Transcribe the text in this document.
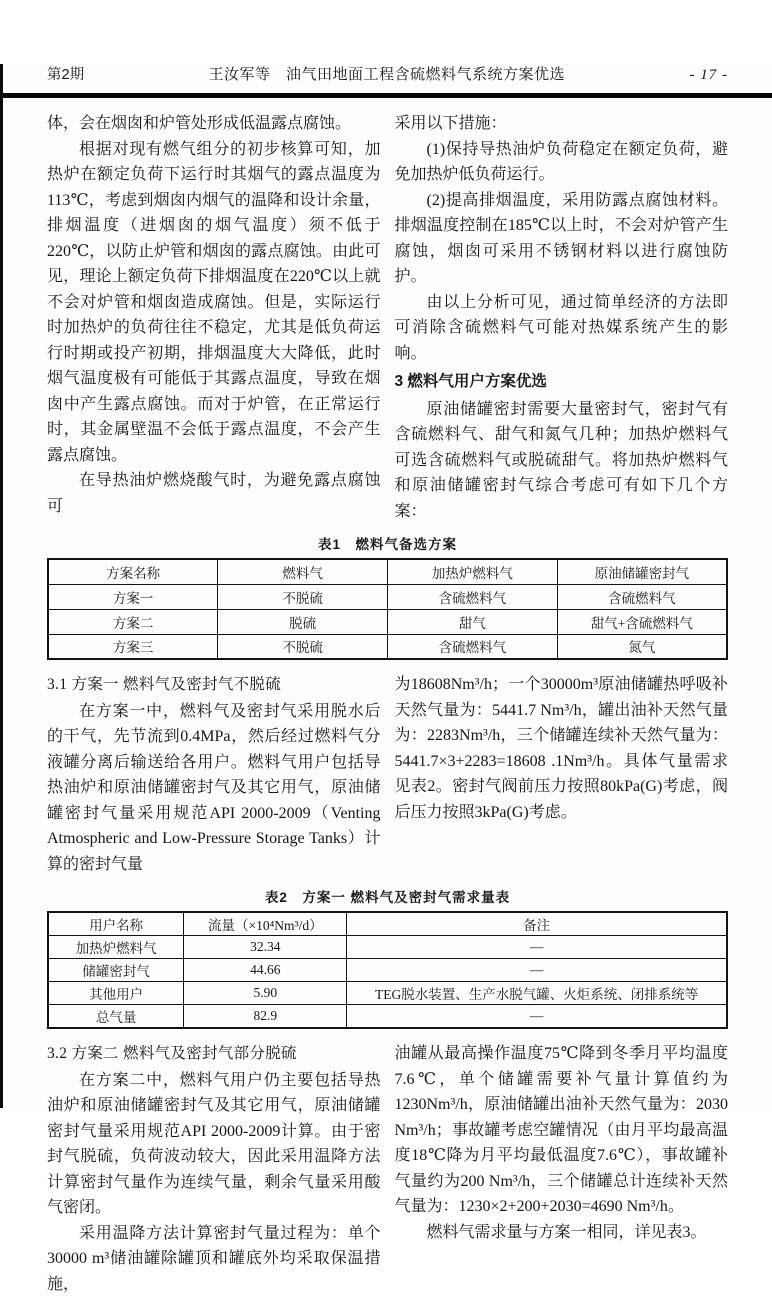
第2期	王汝军等　油气田地面工程含硫燃料气系统方案优选	- 17 -

体，会在烟囱和炉管处形成低温露点腐蚀。

根据对现有燃气组分的初步核算可知，加热炉在额定负荷下运行时其烟气的露点温度为113℃，考虑到烟囱内烟气的温降和设计余量，排烟温度（进烟囱的烟气温度）须不低于220℃，以防止炉管和烟囱的露点腐蚀。由此可见，理论上额定负荷下排烟温度在220℃以上就不会对炉管和烟囱造成腐蚀。但是，实际运行时加热炉的负荷往往不稳定，尤其是低负荷运行时期或投产初期，排烟温度大大降低，此时烟气温度极有可能低于其露点温度，导致在烟囱中产生露点腐蚀。而对于炉管，在正常运行时，其金属壁温不会低于露点温度，不会产生露点腐蚀。

在导热油炉燃烧酸气时，为避免露点腐蚀可

采用以下措施：

(1)保持导热油炉负荷稳定在额定负荷，避免加热炉低负荷运行。

(2)提高排烟温度，采用防露点腐蚀材料。排烟温度控制在185℃以上时，不会对炉管产生腐蚀，烟囱可采用不锈钢材料以进行腐蚀防护。

由以上分析可见，通过简单经济的方法即可消除含硫燃料气可能对热媒系统产生的影响。

3 燃料气用户方案优选

原油储罐密封需要大量密封气，密封气有含硫燃料气、甜气和氮气几种；加热炉燃料气可选含硫燃料气或脱硫甜气。将加热炉燃料气和原油储罐密封气综合考虑可有如下几个方案：

表1　燃料气备选方案
方案名称	燃料气	加热炉燃料气	原油储罐密封气
方案一	不脱硫	含硫燃料气	含硫燃料气
方案二	脱硫	甜气	甜气+含硫燃料气
方案三	不脱硫	含硫燃料气	氮气

3.1 方案一 燃料气及密封气不脱硫

在方案一中，燃料气及密封气采用脱水后的干气，先节流到0.4MPa，然后经过燃料气分液罐分离后输送给各用户。燃料气用户包括导热油炉和原油储罐密封气及其它用气，原油储罐密封气量采用规范API 2000-2009（Venting Atmospheric and Low-Pressure Storage Tanks）计算的密封气量

为18608Nm³/h；一个30000m³原油储罐热呼吸补天然气量为：5441.7 Nm³/h，罐出油补天然气量为：2283Nm³/h，三个储罐连续补天然气量为：5441.7×3+2283=18608 .1Nm³/h。具体气量需求见表2。密封气阀前压力按照80kPa(G)考虑，阀后压力按照3kPa(G)考虑。

表2　方案一 燃料气及密封气需求量表
用户名称	流量（×10⁴Nm³/d）	备注
加热炉燃料气	32.34	—
储罐密封气	44.66	—
其他用户	5.90	TEG脱水装置、生产水脱气罐、火炬系统、闭排系统等
总气量	82.9	—

3.2 方案二 燃料气及密封气部分脱硫

在方案二中，燃料气用户仍主要包括导热油炉和原油储罐密封气及其它用气，原油储罐密封气量采用规范API 2000-2009计算。由于密封气脱硫，负荷波动较大，因此采用温降方法计算密封气量作为连续气量，剩余气量采用酸气密闭。

采用温降方法计算密封气量过程为：单个30000 m³储油罐除罐顶和罐底外均采取保温措施，

油罐从最高操作温度75℃降到冬季月平均温度7.6℃，单个储罐需要补气量计算值约为1230Nm³/h，原油储罐出油补天然气量为：2030 Nm³/h；事故罐考虑空罐情况（由月平均最高温度18℃降为月平均最低温度7.6℃），事故罐补气量约为200 Nm³/h，三个储罐总计连续补天然气量为：1230×2+200+2030=4690 Nm³/h。

燃料气需求量与方案一相同，详见表3。
